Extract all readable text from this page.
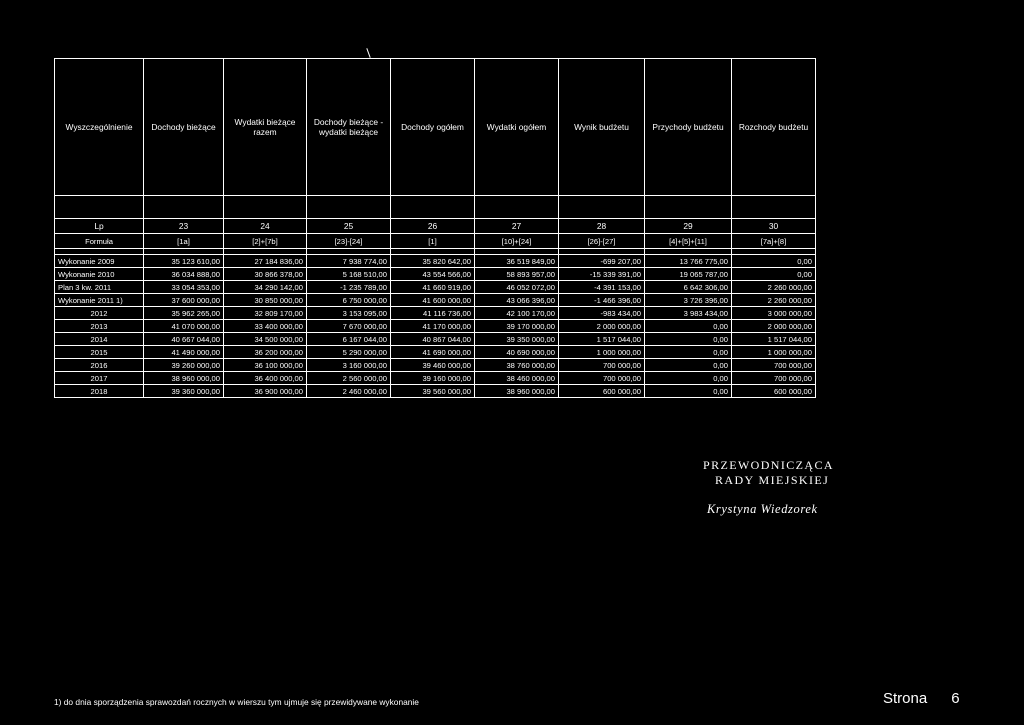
Wyszczególnienie	Dochody bieżące	Wydatki bieżące razem	Dochody bieżące - wydatki bieżące	Dochody ogółem	Wydatki ogółem	Wynik budżetu	Przychody budżetu	Rozchody budżetu

Lp	23	24	25	26	27	28	29	30
Formuła	[1a]	[2]+[7b]	[23]-[24]	[1]	[10]+[24]	[26]-[27]	[4]+[5]+[11]	[7a]+[8]

Wykonanie 2009	35 123 610,00	27 184 836,00	7 938 774,00	35 820 642,00	36 519 849,00	-699 207,00	13 766 775,00	0,00
Wykonanie 2010	36 034 888,00	30 866 378,00	5 168 510,00	43 554 566,00	58 893 957,00	-15 339 391,00	19 065 787,00	0,00
Plan 3 kw. 2011	33 054 353,00	34 290 142,00	-1 235 789,00	41 660 919,00	46 052 072,00	-4 391 153,00	6 642 306,00	2 260 000,00
Wykonanie 2011 1)	37 600 000,00	30 850 000,00	6 750 000,00	41 600 000,00	43 066 396,00	-1 466 396,00	3 726 396,00	2 260 000,00
2012	35 962 265,00	32 809 170,00	3 153 095,00	41 116 736,00	42 100 170,00	-983 434,00	3 983 434,00	3 000 000,00
2013	41 070 000,00	33 400 000,00	7 670 000,00	41 170 000,00	39 170 000,00	2 000 000,00	0,00	2 000 000,00
2014	40 667 044,00	34 500 000,00	6 167 044,00	40 867 044,00	39 350 000,00	1 517 044,00	0,00	1 517 044,00
2015	41 490 000,00	36 200 000,00	5 290 000,00	41 690 000,00	40 690 000,00	1 000 000,00	0,00	1 000 000,00
2016	39 260 000,00	36 100 000,00	3 160 000,00	39 460 000,00	38 760 000,00	700 000,00	0,00	700 000,00
2017	38 960 000,00	36 400 000,00	2 560 000,00	39 160 000,00	38 460 000,00	700 000,00	0,00	700 000,00
2018	39 360 000,00	36 900 000,00	2 460 000,00	39 560 000,00	38 960 000,00	600 000,00	0,00	600 000,00
PRZEWODNICZĄCA
RADY MIEJSKIEJ
Krystyna Wiedzorek
1) do dnia sporządzenia sprawozdań rocznych w wierszu tym ujmuje się przewidywane wykonanie	Strona 6
